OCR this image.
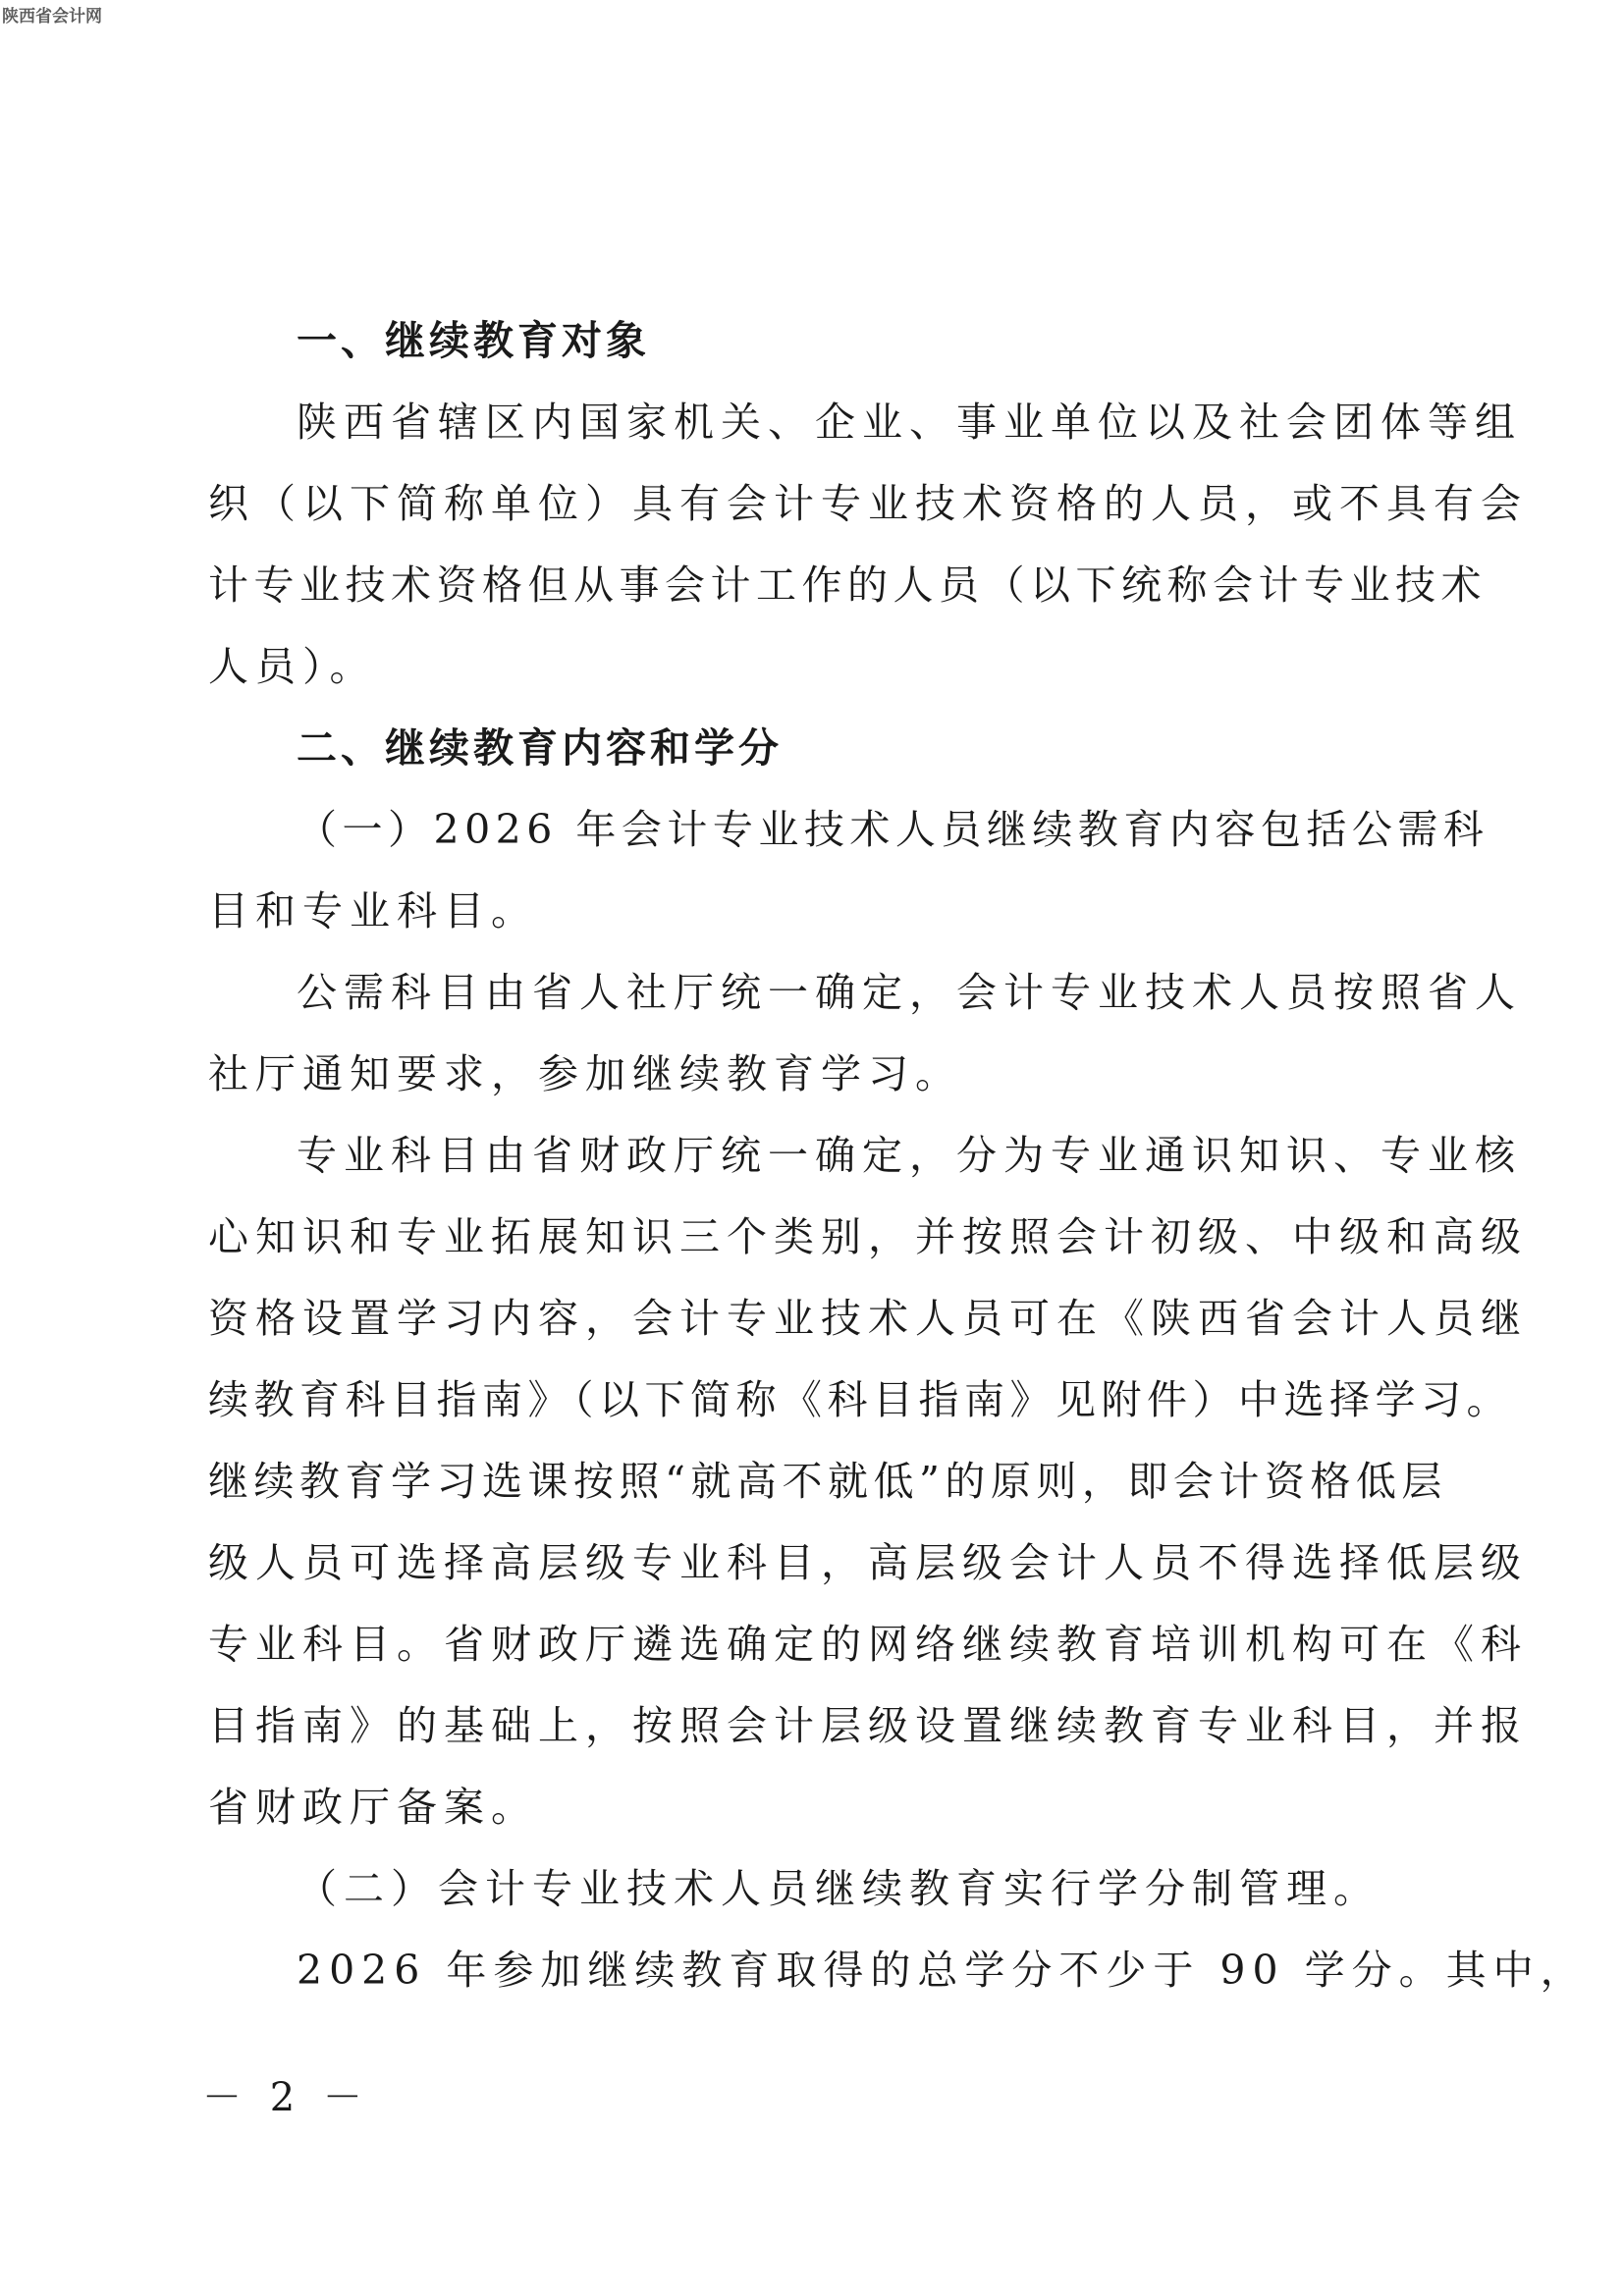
陕西省会计网
一、继续教育对象
陕西省辖区内国家机关、企业、事业单位以及社会团体等组
织（以下简称单位）具有会计专业技术资格的人员，或不具有会
计专业技术资格但从事会计工作的人员（以下统称会计专业技术
人员）。
二、继续教育内容和学分
（一）2026 年会计专业技术人员继续教育内容包括公需科
目和专业科目。
公需科目由省人社厅统一确定，会计专业技术人员按照省人
社厅通知要求，参加继续教育学习。
专业科目由省财政厅统一确定，分为专业通识知识、专业核
心知识和专业拓展知识三个类别，并按照会计初级、中级和高级
资格设置学习内容，会计专业技术人员可在《陕西省会计人员继
续教育科目指南》（以下简称《科目指南》见附件）中选择学习。
继续教育学习选课按照“就高不就低”的原则，即会计资格低层
级人员可选择高层级专业科目，高层级会计人员不得选择低层级
专业科目。省财政厅遴选确定的网络继续教育培训机构可在《科
目指南》的基础上，按照会计层级设置继续教育专业科目，并报
省财政厅备案。
（二）会计专业技术人员继续教育实行学分制管理。
2026 年参加继续教育取得的总学分不少于 90 学分。其中，
－ 2 －
